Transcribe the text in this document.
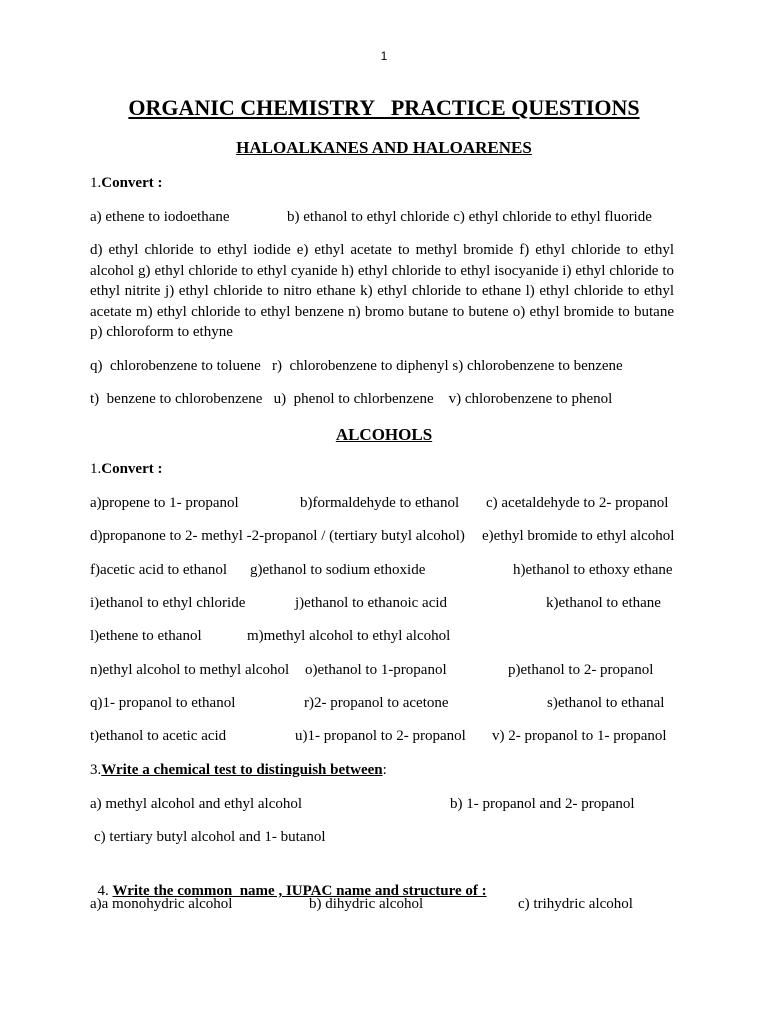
1
ORGANIC CHEMISTRY   PRACTICE QUESTIONS
HALOALKANES AND HALOARENES
1.Convert :
a) ethene to iodoethane	b) ethanol to ethyl chloride c) ethyl chloride to ethyl fluoride
d) ethyl chloride to ethyl iodide e) ethyl acetate to methyl bromide f) ethyl chloride to ethyl alcohol g) ethyl chloride to ethyl cyanide h) ethyl chloride to ethyl isocyanide i) ethyl chloride to ethyl nitrite j) ethyl chloride to nitro ethane k) ethyl chloride to ethane l) ethyl chloride to ethyl acetate m) ethyl chloride to ethyl benzene n) bromo butane to butene o) ethyl bromide to butane p) chloroform to ethyne
q)  chlorobenzene to toluene   r)  chlorobenzene to diphenyl s) chlorobenzene to benzene
t)  benzene to chlorobenzene   u)  phenol to chlorbenzene    v) chlorobenzene to phenol
ALCOHOLS
1.Convert :
a)propene to 1- propanol	b)formaldehyde to ethanol c) acetaldehyde to 2- propanol
d)propanone to 2- methyl -2-propanol / (tertiary butyl alcohol) e)ethyl bromide to ethyl alcohol
f)acetic acid to ethanol g)ethanol to sodium ethoxide	h)ethanol to ethoxy ethane
i)ethanol to ethyl chloride	j)ethanol to ethanoic acid	k)ethanol to ethane
l)ethene to ethanol	m)methyl alcohol to ethyl alcohol
n)ethyl alcohol to methyl alcohol o)ethanol to 1-propanol	p)ethanol to 2- propanol
q)1- propanol to ethanol	r)2- propanol to acetone	s)ethanol to ethanal
t)ethanol to acetic acid	u)1- propanol to 2- propanol v) 2- propanol to 1- propanol
3.Write a chemical test to distinguish between:
a) methyl alcohol and ethyl alcohol	b) 1- propanol and 2- propanol
c) tertiary butyl alcohol and 1- butanol

4. Write the common  name , IUPAC name and structure of :

a)a monohydric alcohol	b) dihydric alcohol	c) trihydric alcohol
